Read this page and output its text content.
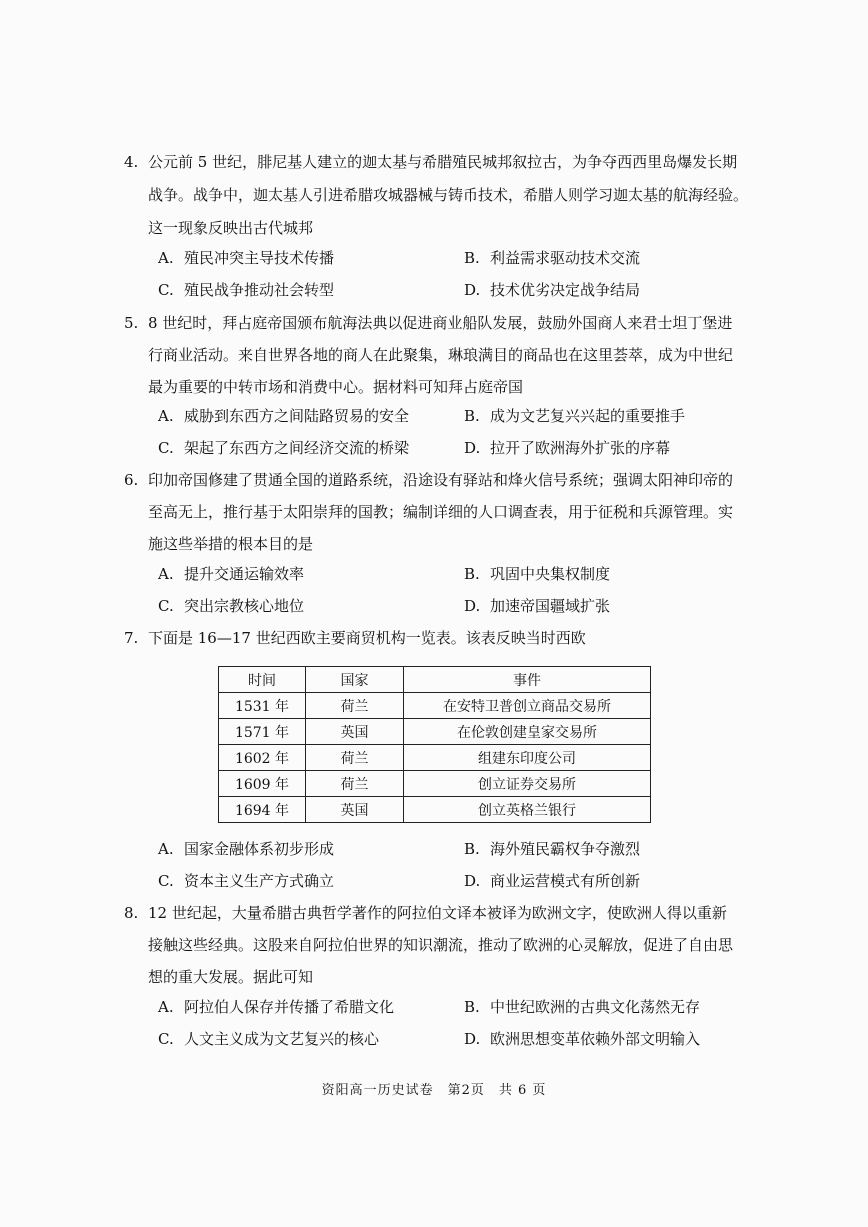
4. 公元前 5 世纪，腓尼基人建立的迦太基与希腊殖民城邦叙拉古，为争夺西西里岛爆发长期
战争。战争中，迦太基人引进希腊攻城器械与铸币技术，希腊人则学习迦太基的航海经验。
这一现象反映出古代城邦
A. 殖民冲突主导技术传播	B. 利益需求驱动技术交流
C. 殖民战争推动社会转型	D. 技术优劣决定战争结局
5. 8 世纪时，拜占庭帝国颁布航海法典以促进商业船队发展，鼓励外国商人来君士坦丁堡进
行商业活动。来自世界各地的商人在此聚集，琳琅满目的商品也在这里荟萃，成为中世纪
最为重要的中转市场和消费中心。据材料可知拜占庭帝国
A. 威胁到东西方之间陆路贸易的安全	B. 成为文艺复兴兴起的重要推手
C. 架起了东西方之间经济交流的桥梁	D. 拉开了欧洲海外扩张的序幕
6. 印加帝国修建了贯通全国的道路系统，沿途设有驿站和烽火信号系统；强调太阳神印帝的
至高无上，推行基于太阳崇拜的国教；编制详细的人口调查表，用于征税和兵源管理。实
施这些举措的根本目的是
A. 提升交通运输效率	B. 巩固中央集权制度
C. 突出宗教核心地位	D. 加速帝国疆域扩张
7. 下面是 16—17 世纪西欧主要商贸机构一览表。该表反映当时西欧
时间	国家	事件
1531 年	荷兰	在安特卫普创立商品交易所
1571 年	英国	在伦敦创建皇家交易所
1602 年	荷兰	组建东印度公司
1609 年	荷兰	创立证券交易所
1694 年	英国	创立英格兰银行
A. 国家金融体系初步形成	B. 海外殖民霸权争夺激烈
C. 资本主义生产方式确立	D. 商业运营模式有所创新
8. 12 世纪起，大量希腊古典哲学著作的阿拉伯文译本被译为欧洲文字，使欧洲人得以重新
接触这些经典。这股来自阿拉伯世界的知识潮流，推动了欧洲的心灵解放，促进了自由思
想的重大发展。据此可知
A. 阿拉伯人保存并传播了希腊文化	B. 中世纪欧洲的古典文化荡然无存
C. 人文主义成为文艺复兴的核心	D. 欧洲思想变革依赖外部文明输入
资阳高一历史试卷　第2页　共 6 页
